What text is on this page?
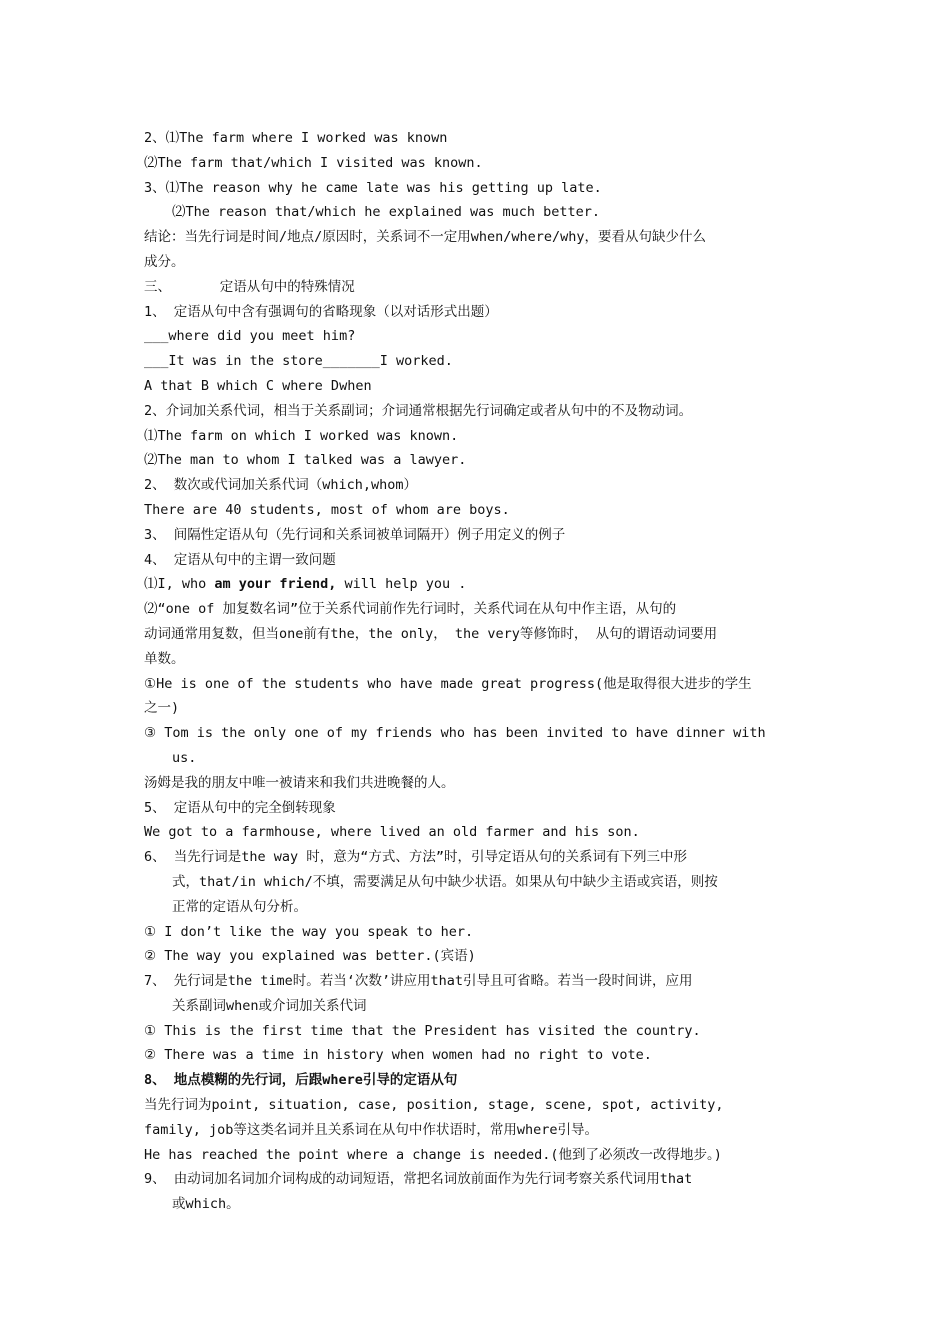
2、⑴The farm where I worked was known
⑵The farm that/which I visited was known.
3、⑴The reason why he came late was his getting up late.
⑵The reason that/which he explained was much better.
结论：当先行词是时间/地点/原因时，关系词不一定用when/where/why，要看从句缺少什么
成分。
三、      定语从句中的特殊情况
1、 定语从句中含有强调句的省略现象（以对话形式出题）
___where did you meet him?
___It was in the store_______I worked.
A that B which C where Dwhen
2、介词加关系代词，相当于关系副词；介词通常根据先行词确定或者从句中的不及物动词。
⑴The farm on which I worked was known.
⑵The man to whom I talked was a lawyer.
2、 数次或代词加关系代词（which,whom）
There are 40 students, most of whom are boys.
3、 间隔性定语从句（先行词和关系词被单词隔开）例子用定义的例子
4、 定语从句中的主谓一致问题
⑴I, who am your friend, will help you .
⑵“one of 加复数名词”位于关系代词前作先行词时，关系代词在从句中作主语，从句的
动词通常用复数，但当one前有the，the only， the very等修饰时， 从句的谓语动词要用
单数。
①He is one of the students who have made great progress(他是取得很大进步的学生
之一)
③ Tom is the only one of my friends who has been invited to have dinner with
us.
汤姆是我的朋友中唯一被请来和我们共进晚餐的人。
5、 定语从句中的完全倒转现象
We got to a farmhouse, where lived an old farmer and his son.
6、 当先行词是the way 时，意为“方式、方法”时，引导定语从句的关系词有下列三中形
式，that/in which/不填，需要满足从句中缺少状语。如果从句中缺少主语或宾语，则按
正常的定语从句分析。
① I don’t like the way you speak to her.
② The way you explained was better.(宾语)
7、 先行词是the time时。若当‘次数’讲应用that引导且可省略。若当一段时间讲，应用
关系副词when或介词加关系代词
① This is the first time that the President has visited the country.
② There was a time in history when women had no right to vote.
8、 地点模糊的先行词，后跟where引导的定语从句
当先行词为point, situation, case, position, stage, scene, spot, activity,
family, job等这类名词并且关系词在从句中作状语时，常用where引导。
He has reached the point where a change is needed.(他到了必须改一改得地步。)
9、 由动词加名词加介词构成的动词短语，常把名词放前面作为先行词考察关系代词用that
或which。
